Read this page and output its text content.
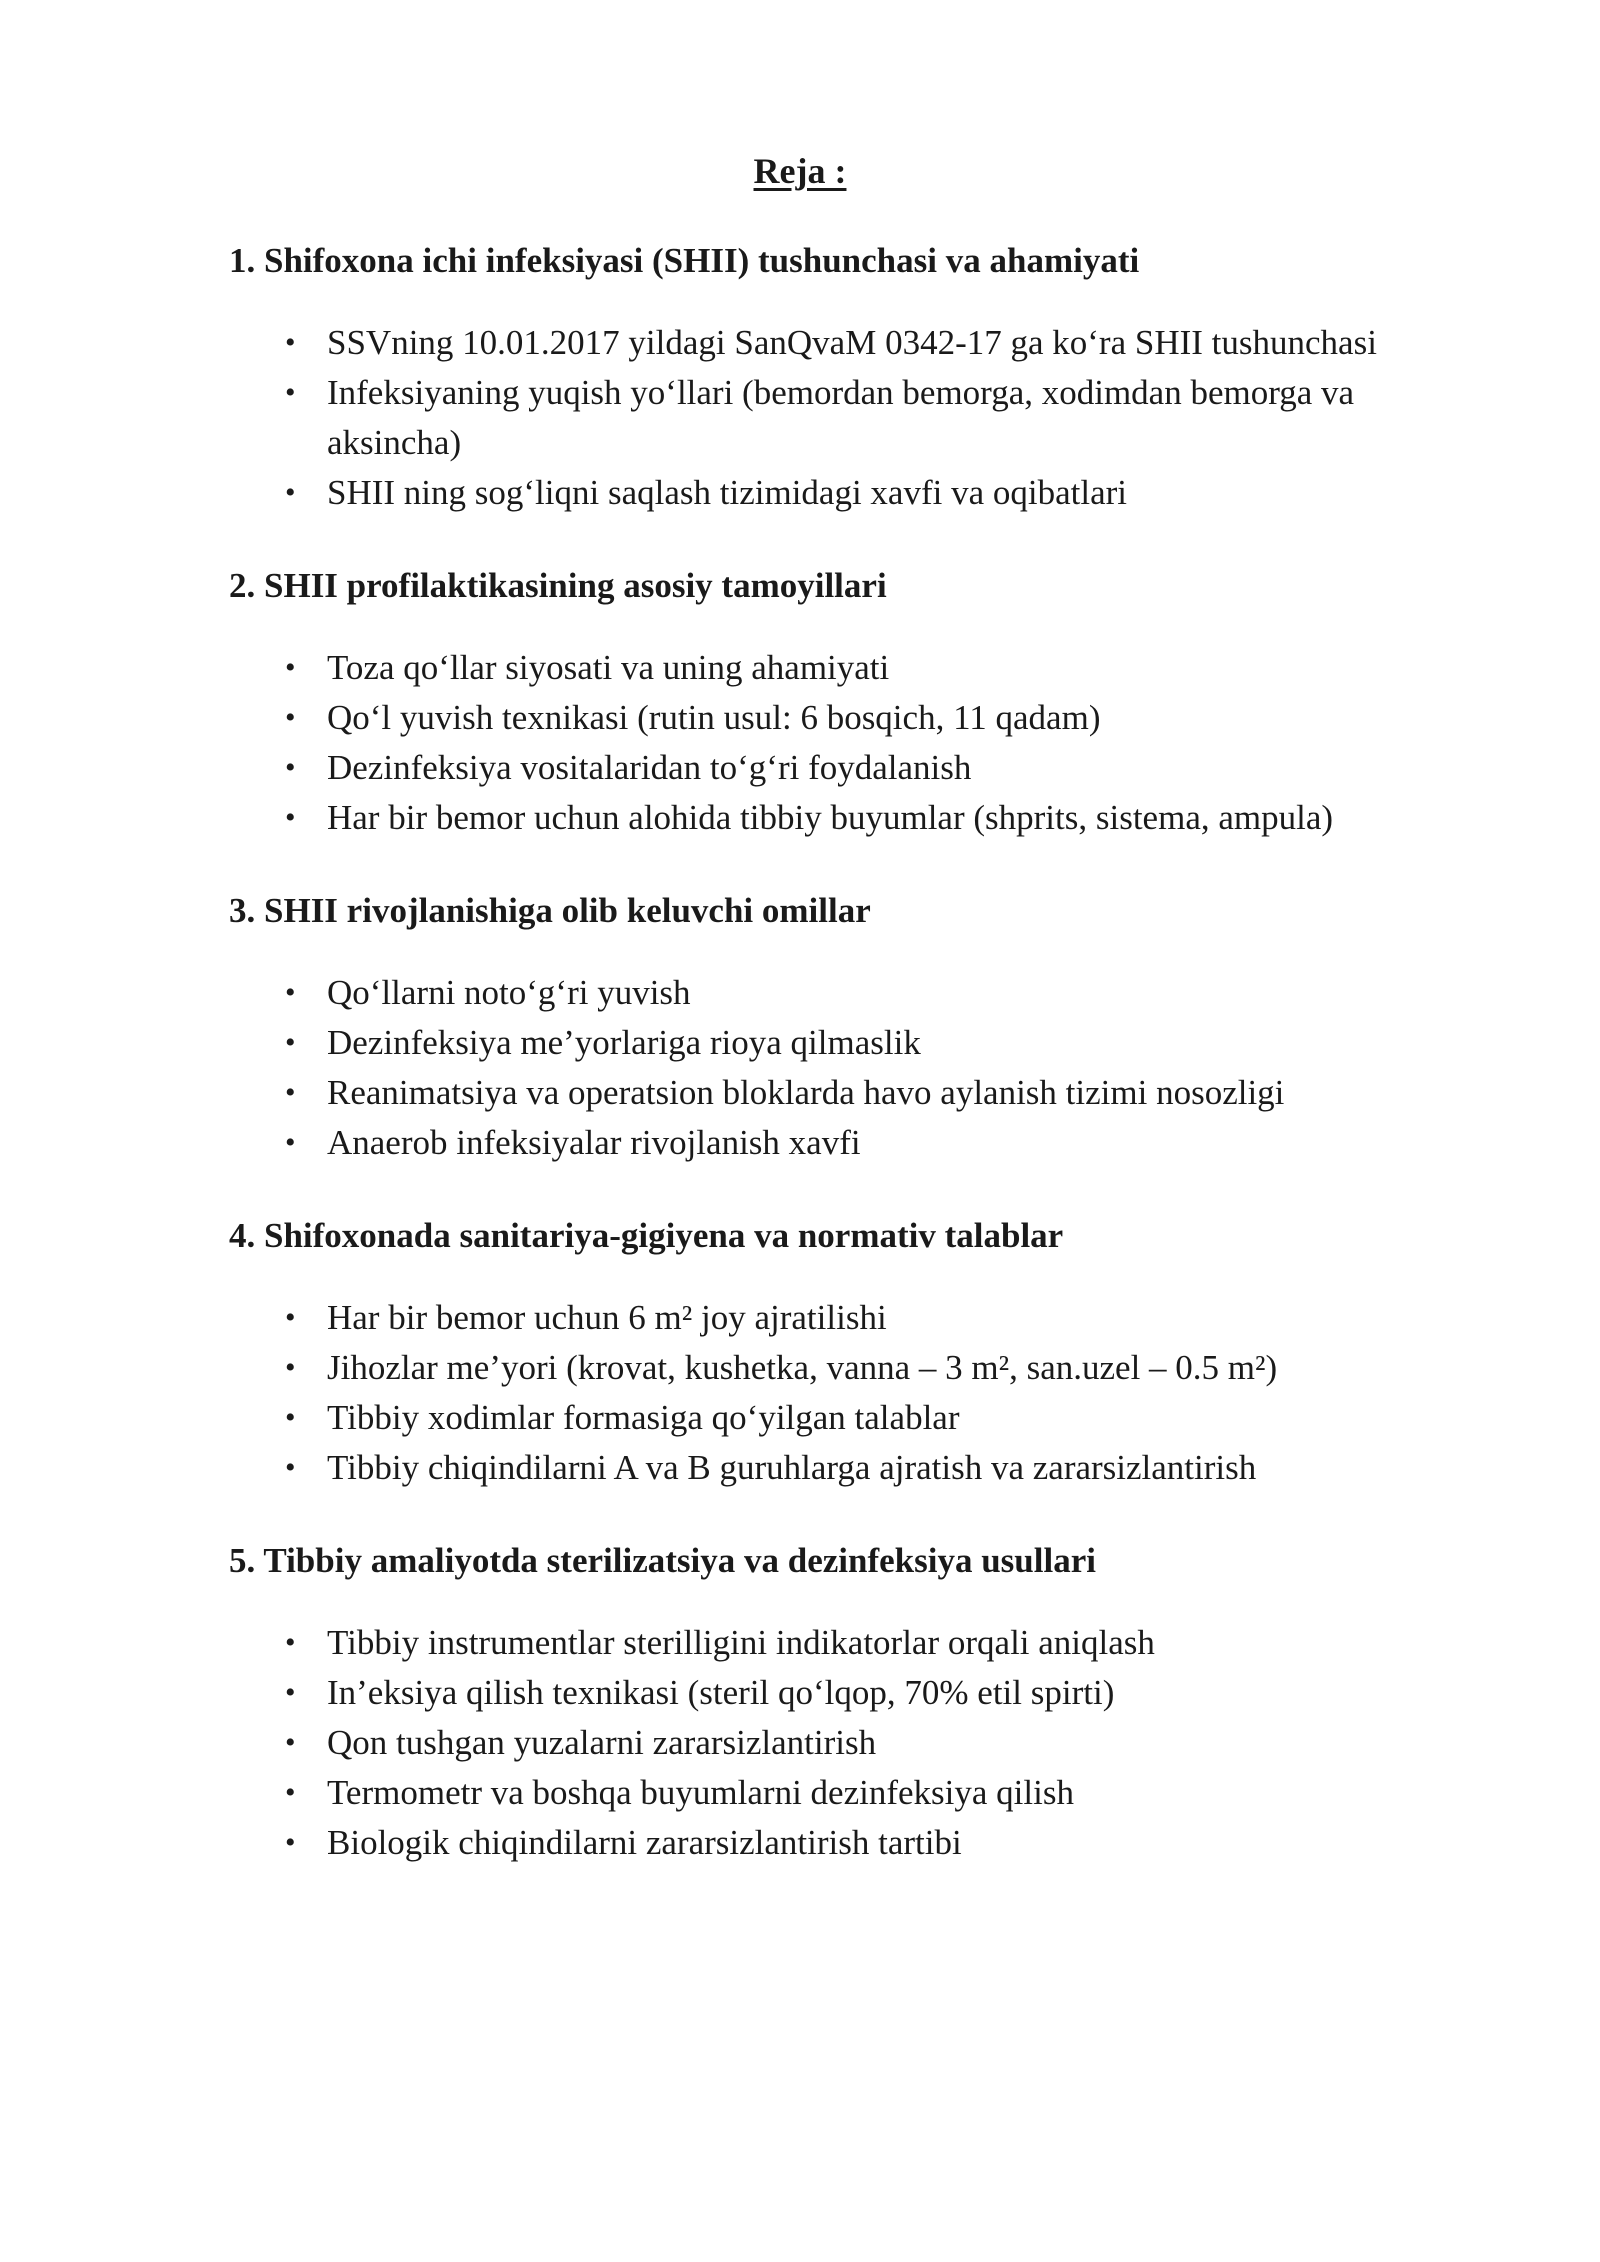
Reja :
1. Shifoxona ichi infeksiyasi (SHII) tushunchasi va ahamiyati
• SSVning 10.01.2017 yildagi SanQvaM 0342-17 ga ko‘ra SHII tushunchasi
• Infeksiyaning yuqish yo‘llari (bemordan bemorga, xodimdan bemorga va aksincha)
• SHII ning sog‘liqni saqlash tizimidagi xavfi va oqibatlari
2. SHII profilaktikasining asosiy tamoyillari
• Toza qo‘llar siyosati va uning ahamiyati
• Qo‘l yuvish texnikasi (rutin usul: 6 bosqich, 11 qadam)
• Dezinfeksiya vositalaridan to‘g‘ri foydalanish
• Har bir bemor uchun alohida tibbiy buyumlar (shprits, sistema, ampula)
3. SHII rivojlanishiga olib keluvchi omillar
• Qo‘llarni noto‘g‘ri yuvish
• Dezinfeksiya me’yorlariga rioya qilmaslik
• Reanimatsiya va operatsion bloklarda havo aylanish tizimi nosozligi
• Anaerob infeksiyalar rivojlanish xavfi
4. Shifoxonada sanitariya-gigiyena va normativ talablar
• Har bir bemor uchun 6 m² joy ajratilishi
• Jihozlar me’yori (krovat, kushetka, vanna – 3 m², san.uzel – 0.5 m²)
• Tibbiy xodimlar formasiga qo‘yilgan talablar
• Tibbiy chiqindilarni A va B guruhlarga ajratish va zararsizlantirish
5. Tibbiy amaliyotda sterilizatsiya va dezinfeksiya usullari
• Tibbiy instrumentlar sterilligini indikatorlar orqali aniqlash
• In’eksiya qilish texnikasi (steril qo‘lqop, 70% etil spirti)
• Qon tushgan yuzalarni zararsizlantirish
• Termometr va boshqa buyumlarni dezinfeksiya qilish
• Biologik chiqindilarni zararsizlantirish tartibi
